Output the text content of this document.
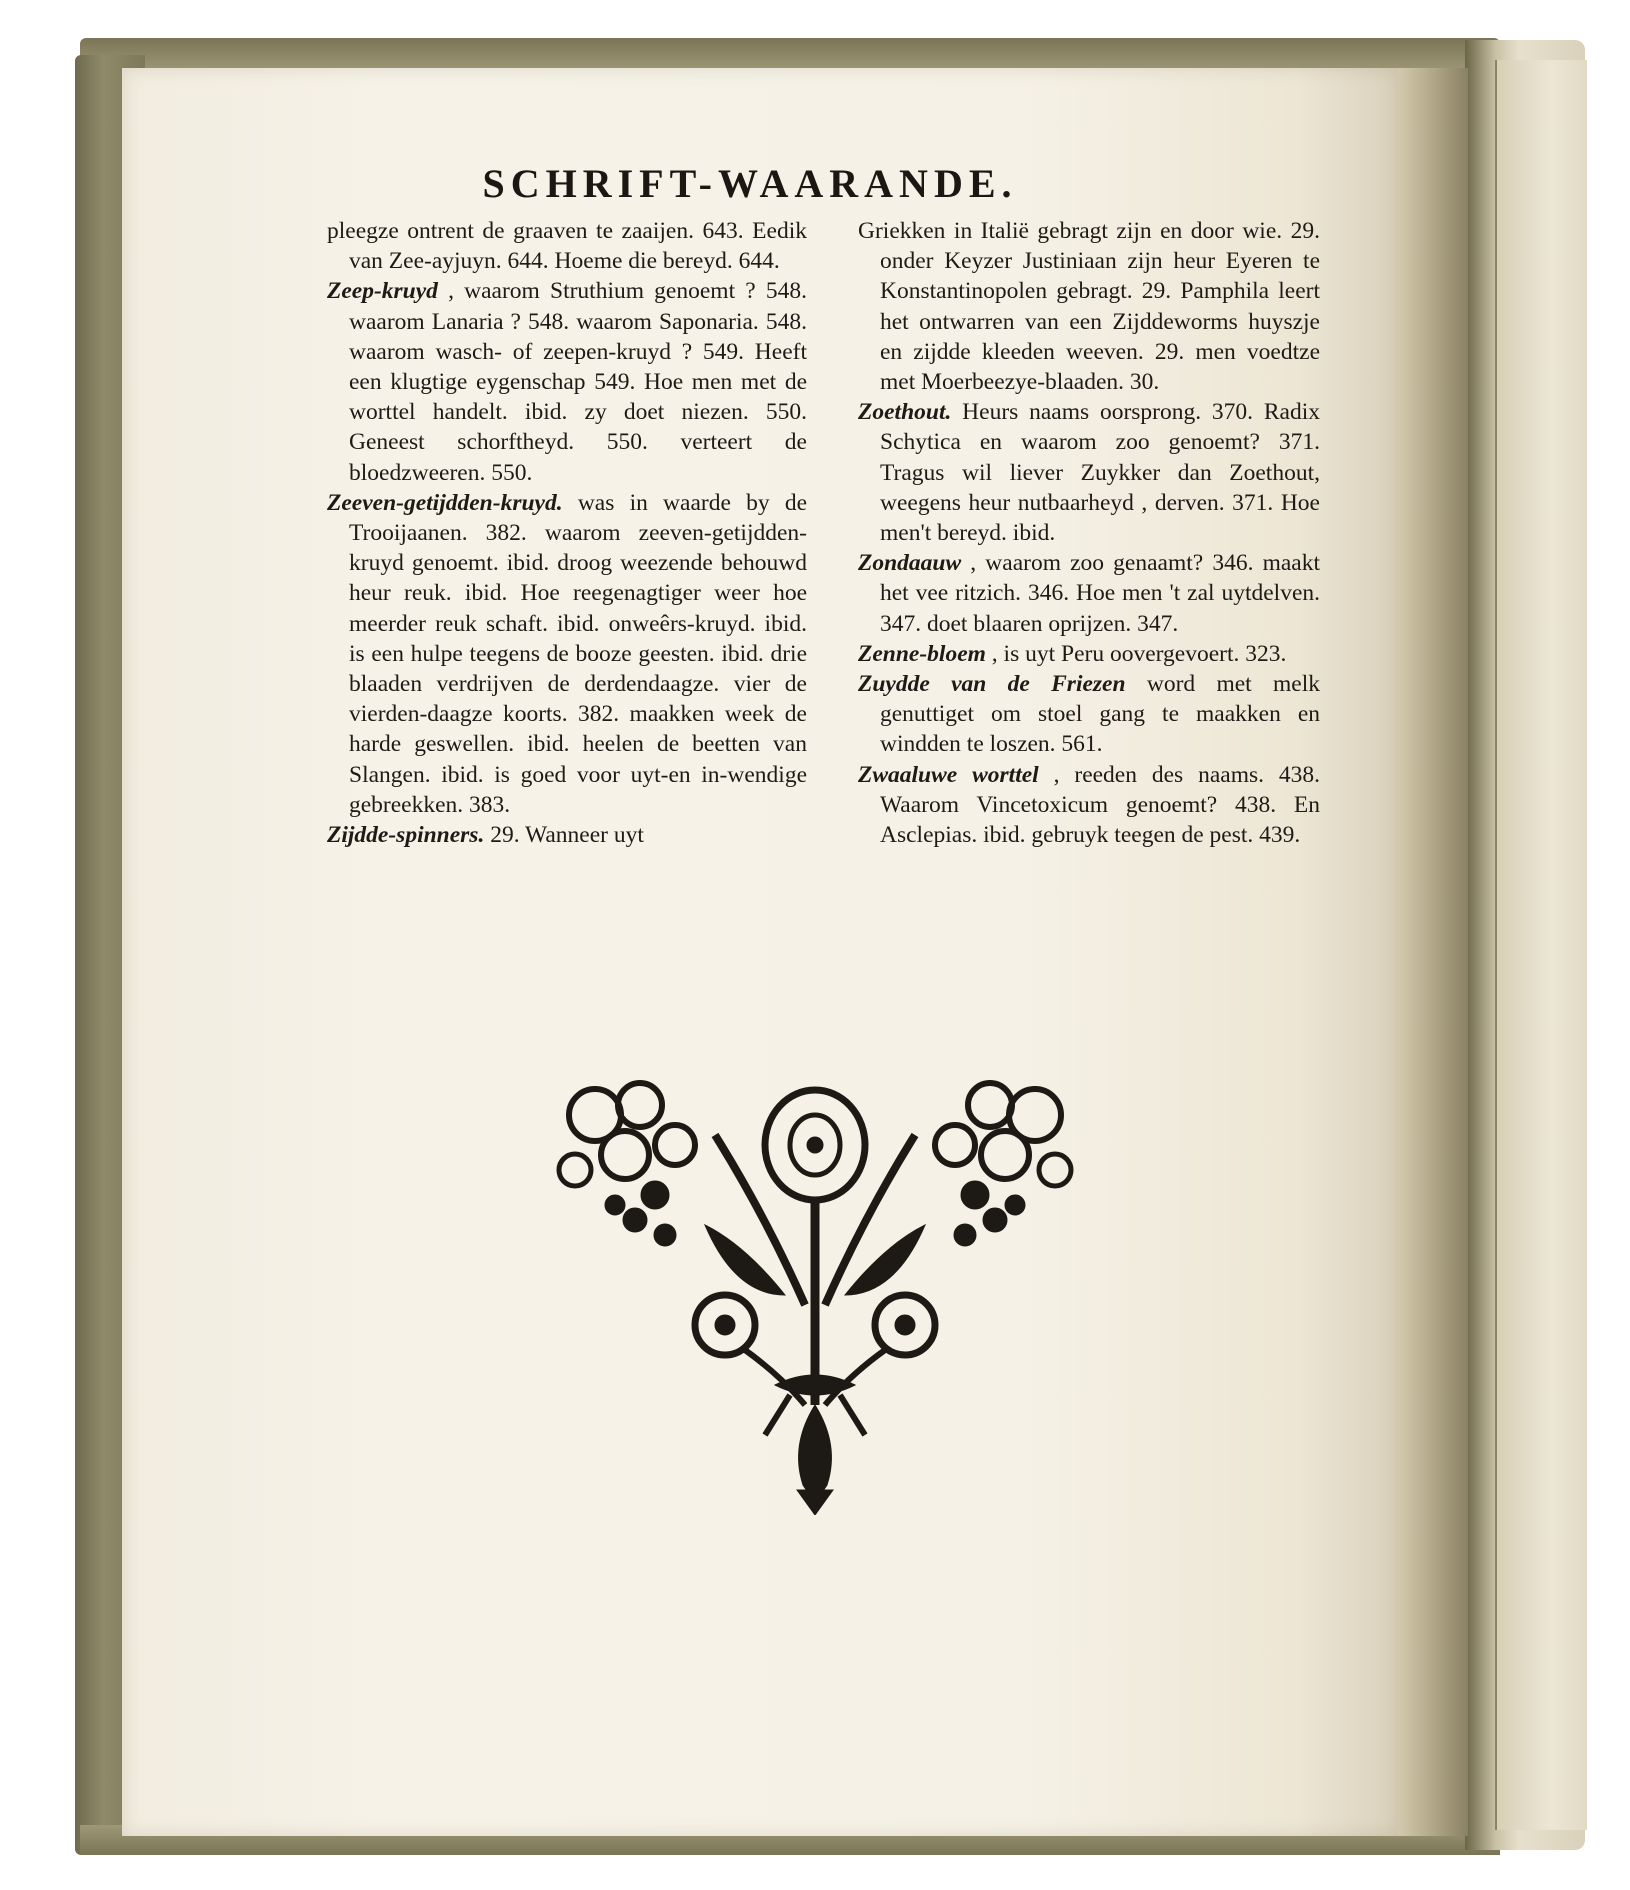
SCHRIFT-WAARANDE.

pleegze ontrent de graaven te zaaijen. 643. Eedik van Zee-ayjuyn. 644. Hoeme die bereyd. 644.

Zeep-kruyd , waarom Struthium genoemt ? 548. waarom Lanaria ? 548. waarom Saponaria. 548. waarom wasch- of zeepen-kruyd ? 549. Heeft een klugtige eygenschap 549. Hoe men met de worttel handelt. ibid. zy doet niezen. 550. Geneest schorftheyd. 550. verteert de bloedzweeren. 550.

Zeeven-getijdden-kruyd. was in waarde by de Trooijaanen. 382. waarom zeeven-getijdden-kruyd genoemt. ibid. droog weezende behouwd heur reuk. ibid. Hoe reegenagtiger weer hoe meerder reuk schaft. ibid. onweêrs-kruyd. ibid. is een hulpe teegens de booze geesten. ibid. drie blaaden verdrijven de derdendaagze. vier de vierden-daagze koorts. 382. maakken week de harde geswellen. ibid. heelen de beetten van Slangen. ibid. is goed voor uyt-en in-wendige gebreekken. 383.

Zijdde-spinners. 29. Wanneer uyt

Griekken in Italië gebragt zijn en door wie. 29. onder Keyzer Justiniaan zijn heur Eyeren te Konstantinopolen gebragt. 29. Pamphila leert het ontwarren van een Zijddeworms huyszje en zijdde kleeden weeven. 29. men voedtze met Moerbeezye-blaaden. 30.

Zoethout. Heurs naams oorsprong. 370. Radix Schytica en waarom zoo genoemt? 371. Tragus wil liever Zuykker dan Zoethout, weegens heur nutbaarheyd , derven. 371. Hoe men't bereyd. ibid.

Zondaauw , waarom zoo genaamt? 346. maakt het vee ritzich. 346. Hoe men 't zal uytdelven. 347. doet blaaren oprijzen. 347.

Zenne-bloem , is uyt Peru oovergevoert. 323.

Zuydde van de Friezen word met melk genuttiget om stoel gang te maakken en windden te loszen. 561.

Zwaaluwe worttel , reeden des naams. 438. Waarom Vincetoxicum genoemt? 438. En Asclepias. ibid. gebruyk teegen de pest. 439.
